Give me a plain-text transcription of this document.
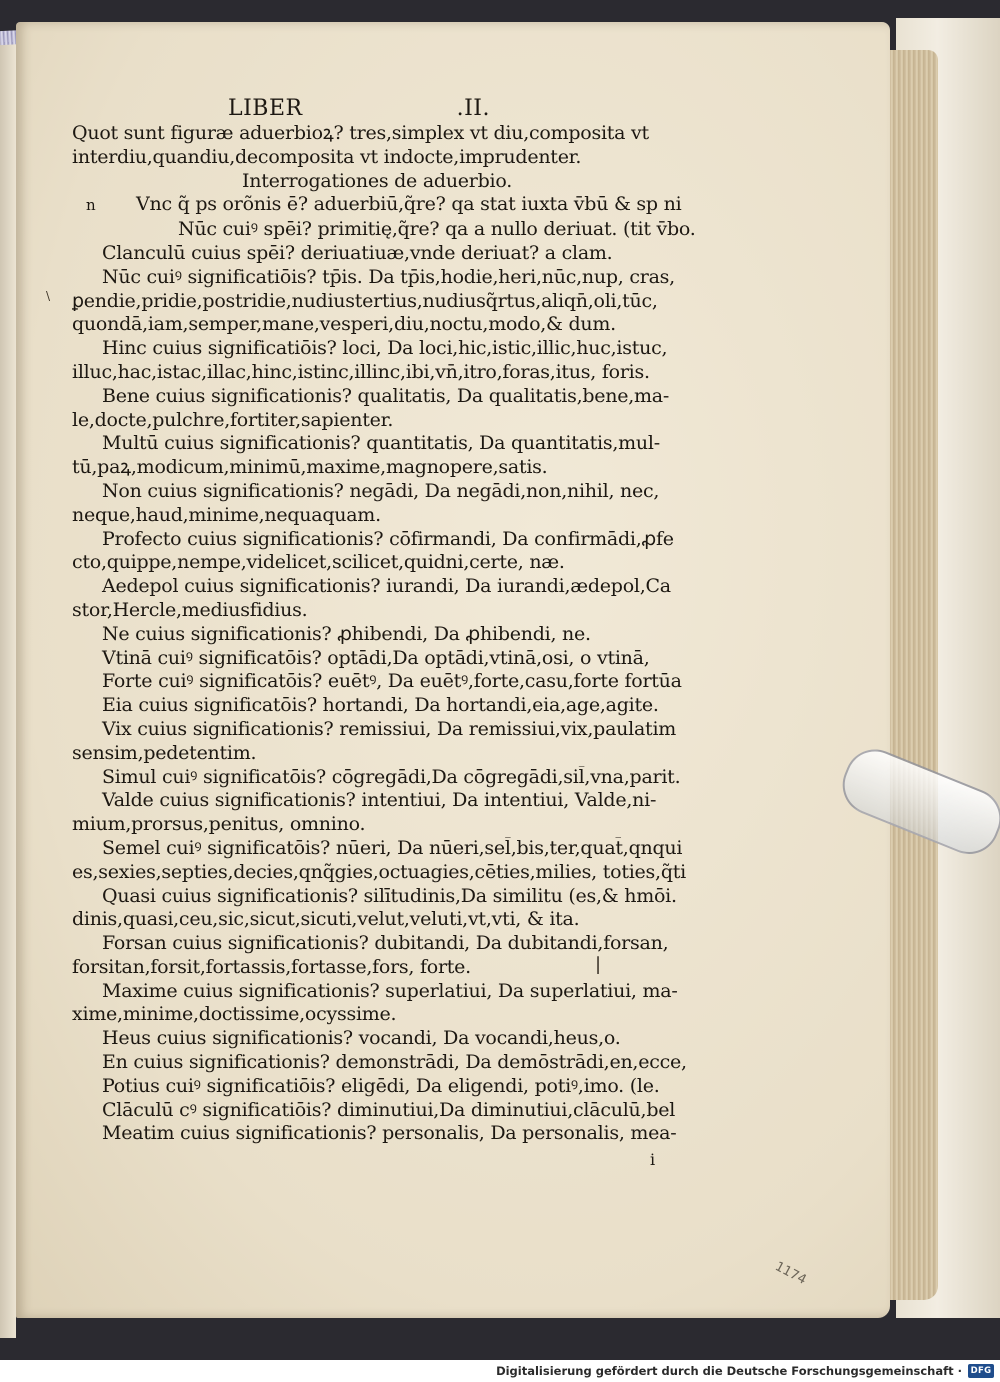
\
LIBER	.II.
Quot sunt figuræ aduerbioꝝ? tres,simplex vt diu,composita vt
interdiu,quandiu,decomposita vt indocte,imprudenter.
Interrogationes de aduerbio.
n Vnc q̃ ps orõnis ē? aduerbiū,q̃re? qa stat iuxta v̄bū & sp ni
Nūc cuiꝰ spēi? primitię,q̃re? qa a nullo deriuat. (tit v̄bo.
Clanculū cuius spēi? deriuatiuæ,vnde deriuat? a clam.
Nūc cuiꝰ significatiōis? tp̄is. Da tp̄is,hodie,heri,nūc,nup, cras,
ꝑendie,pridie,postridie,nudiustertius,nudiusq̃rtus,aliqn̄,oli,tūc,
quondā,iam,semper,mane,vesperi,diu,noctu,modo,& dum.
Hinc cuius significatiōis? loci, Da loci,hic,istic,illic,huc,istuc,
illuc,hac,istac,illac,hinc,istinc,illinc,ibi,vn̄,itro,foras,itus, foris.
Bene cuius significationis? qualitatis, Da qualitatis,bene,ma-
le,docte,pulchre,fortiter,sapienter.
Multū cuius significationis? quantitatis, Da quantitatis,mul-
tū,paꝝ,modicum,minimū,maxime,magnopere,satis.
Non cuius significationis? negādi, Da negādi,non,nihil, nec,
neque,haud,minime,nequaquam.
Profecto cuius significationis? cōfirmandi, Da confirmādi,ꝓfe
cto,quippe,nempe,videlicet,scilicet,quidni,certe, næ.
Aedepol cuius significationis? iurandi, Da iurandi,ædepol,Ca
stor,Hercle,mediusfidius.
Ne cuius significationis? ꝓhibendi, Da ꝓhibendi, ne.
Vtinā cuiꝰ significatōis? optādi,Da optādi,vtinā,osi, o vtinā,
Forte cuiꝰ significatōis? euētꝰ, Da euētꝰ,forte,casu,forte fortūa
Eia cuius significatōis? hortandi, Da hortandi,eia,age,agite.
Vix cuius significationis? remissiui, Da remissiui,vix,paulatim
sensim,pedetentim.
Simul cuiꝰ significatōis? cōgregādi,Da cōgregādi,sil̄,vna,parit.
Valde cuius significationis? intentiui, Da intentiui, Valde,ni-
mium,prorsus,penitus, omnino.
Semel cuiꝰ significatōis? nūeri, Da nūeri,sel̄,bis,ter,quat̄,qnqui
es,sexies,septies,decies,qnq̃gies,octuagies,cēties,milies, toties,q̃ti
Quasi cuius significationis? silītudinis,Da similitu (es,& hmōi.
dinis,quasi,ceu,sic,sicut,sicuti,velut,veluti,vt,vti, & ita.
Forsan cuius significationis? dubitandi, Da dubitandi,forsan,
forsitan,forsit,fortassis,fortasse,fors, forte.
Maxime cuius significationis? superlatiui, Da superlatiui, ma-
xime,minime,doctissime,ocyssime.
Heus cuius significationis? vocandi, Da vocandi,heus,o.
En cuius significationis? demonstrādi, Da demōstrādi,en,ecce,
Potius cuiꝰ significatiōis? eligēdi, Da eligendi, potiꝰ,imo. (le.
Clāculū cꝰ significatiōis? diminutiui,Da diminutiui,clāculū,bel
Meatim cuius significationis? personalis, Da personalis, mea-
|
i
1174
Digitalisierung gefördert durch die Deutsche Forschungsgemeinschaft ·	DFG
